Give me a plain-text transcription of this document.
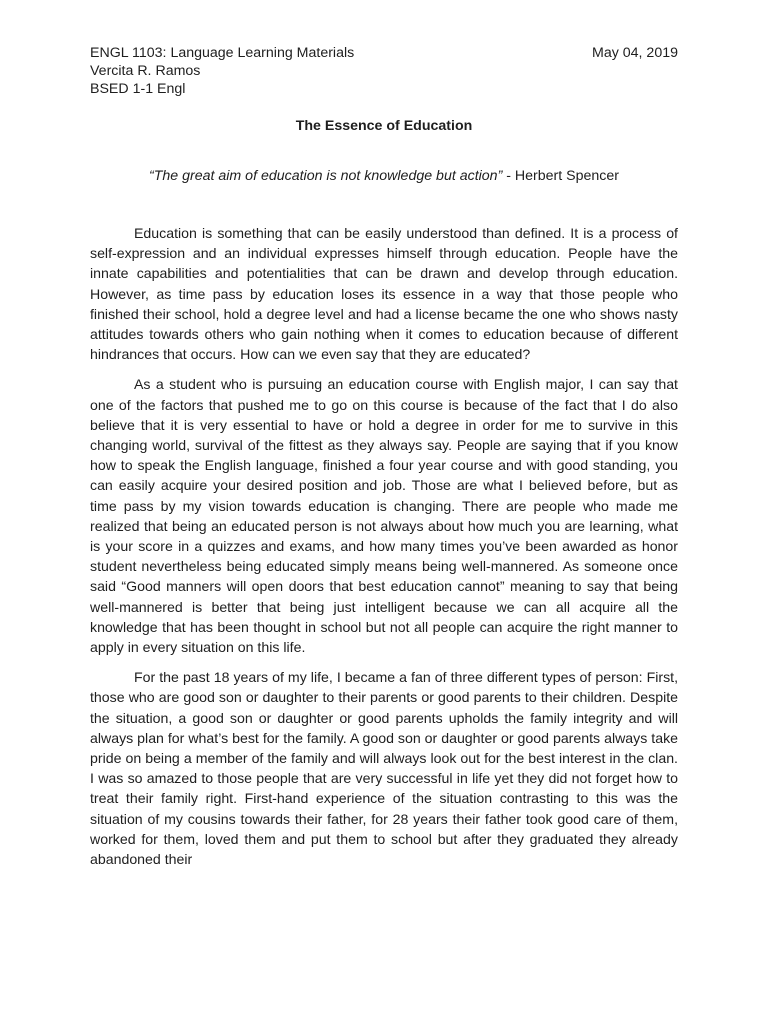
ENGL 1103: Language Learning Materials	May 04, 2019
Vercita R. Ramos
BSED 1-1 Engl
The Essence of Education
“The great aim of education is not knowledge but action” - Herbert Spencer

Education is something that can be easily understood than defined. It is a process of self-expression and an individual expresses himself through education. People have the innate capabilities and potentialities that can be drawn and develop through education. However, as time pass by education loses its essence in a way that those people who finished their school, hold a degree level and had a license became the one who shows nasty attitudes towards others who gain nothing when it comes to education because of different hindrances that occurs. How can we even say that they are educated?

As a student who is pursuing an education course with English major, I can say that one of the factors that pushed me to go on this course is because of the fact that I do also believe that it is very essential to have or hold a degree in order for me to survive in this changing world, survival of the fittest as they always say. People are saying that if you know how to speak the English language, finished a four year course and with good standing, you can easily acquire your desired position and job. Those are what I believed before, but as time pass by my vision towards education is changing. There are people who made me realized that being an educated person is not always about how much you are learning, what is your score in a quizzes and exams, and how many times you’ve been awarded as honor student nevertheless being educated simply means being well-mannered. As someone once said “Good manners will open doors that best education cannot” meaning to say that being well-mannered is better that being just intelligent because we can all acquire all the knowledge that has been thought in school but not all people can acquire the right manner to apply in every situation on this life.

For the past 18 years of my life, I became a fan of three different types of person: First, those who are good son or daughter to their parents or good parents to their children. Despite the situation, a good son or daughter or good parents upholds the family integrity and will always plan for what’s best for the family. A good son or daughter or good parents always take pride on being a member of the family and will always look out for the best interest in the clan. I was so amazed to those people that are very successful in life yet they did not forget how to treat their family right. First-hand experience of the situation contrasting to this was the situation of my cousins towards their father, for 28 years their father took good care of them, worked for them, loved them and put them to school but after they graduated they already abandoned their
